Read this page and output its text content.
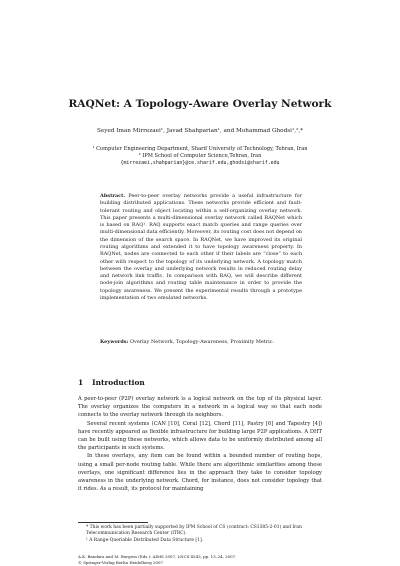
RAQNet: A Topology-Aware Overlay Network
Seyed Iman Mirrezaei¹, Javad Shahparian¹, and Mohammad Ghodsi¹,²,*
¹ Computer Engineering Department, Sharif University of Technology, Tehran, Iran
² IPM School of Computer Science,Tehran, Iran
{mirrezaei,shahparian}@ce.sharif.edu,ghodsi@sharif.edu
Abstract. Peer-to-peer overlay networks provide a useful infrastructure for building distributed applications. These networks provide efficient and fault-tolerant routing and object locating within a self-organizing overlay network. This paper presents a multi-dimensional overlay network called RAQNet which is based on RAQ¹. RAQ supports exact match queries and range queries over multi-dimensional data efficiently. Moreover, its routing cost does not depend on the dimension of the search space. In RAQNet, we have improved its original routing algorithms and extended it to have topology awareness property. In RAQNet, nodes are connected to each other if their labels are “close” to each other with respect to the topology of its underlying network. A topology match between the overlay and underlying network results in reduced routing delay and network link traffic. In comparison with RAQ, we will describe different node-join algorithms and routing table maintenance in order to provide the topology awareness. We present the experimental results through a prototype implementation of two emulated networks.
Keywords: Overlay Network, Topology-Awareness, Proximity Metric.
1 Introduction

A peer-to-peer (P2P) overlay network is a logical network on the top of its physical layer. The overlay organizes the computers in a network in a logical way so that each node connects to the overlay network through its neighbors.

Several recent systems (CAN [10], Coral [12], Chord [11], Pastry [6] and Tapestry [4]) have recently appeared as flexible infrastructure for building large P2P applications. A DHT can be built using these networks, which allows data to be uniformly distributed among all the participants in such systems.

In these overlays, any item can be found within a bounded number of routing hops, using a small per-node routing table. While there are algorithmic similarities among these overlays, one significant difference lies in the approach they take to consider topology awareness in the underlying network. Chord, for instance, does not consider topology that it rides. As a result, its protocol for maintaining

* This work has been partially supported by IPM School of CS (contract: CS1385-2-01) and Iran Telecommunication Research Center (ITRC).
¹ A Range-Queriable Distributed Data Structure [1].
A.K. Bandara and M. Burgess (Eds.): AIMS 2007, LNCS 4543, pp. 13–24, 2007.
© Springer-Verlag Berlin Heidelberg 2007
